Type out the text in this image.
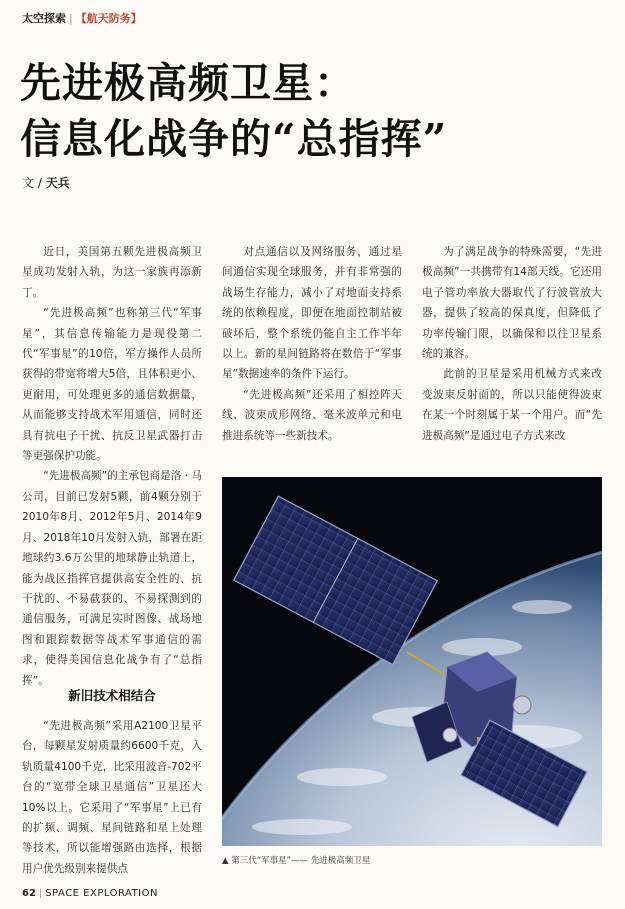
太空探索 | 【航天防务】
先进极高频卫星：
信息化战争的“总指挥”
文 / 天兵

近日，美国第五颗先进极高频卫星成功发射入轨，为这一家族再添新丁。

“先进极高频”也称第三代“军事星”，其信息传输能力是现役第二代“军事星”的10倍，军方操作人员所获得的带宽将增大5倍，且体积更小、更耐用，可处理更多的通信数据量，从而能够支持战术军用通信，同时还具有抗电子干扰、抗反卫星武器打击等更强保护功能。

“先进极高频”的主承包商是洛 · 马公司，目前已发射5颗，前4颗分别于2010年8月、2012年5月、2014年9月、2018年10月发射入轨，部署在距地球约3.6万公里的地球静止轨道上，能为战区指挥官提供高安全性的、抗干扰的、不易截获的、不易探测到的通信服务，可满足实时图像、战场地图和跟踪数据等战术军事通信的需求，使得美国信息化战争有了“总指挥”。

新旧技术相结合

“先进极高频”采用A2100卫星平台，每颗星发射质量约6600千克，入轨质量4100千克，比采用波音-702平台的“宽带全球卫星通信”卫星还大10%以上。它采用了“军事星”上已有的扩频、调频、星间链路和星上处理等技术，所以能增强路由选择，根据用户优先级别来提供点

对点通信以及网络服务，通过星间通信实现全球服务，并有非常强的战场生存能力，减小了对地面支持系统的依赖程度，即便在地面控制站被破坏后，整个系统仍能自主工作半年以上。新的星间链路将在数倍于“军事星”数据速率的条件下运行。

“先进极高频”还采用了相控阵天线、波束成形网络、毫米波单元和电推进系统等一些新技术。

为了满足战争的特殊需要，“先进极高频”一共携带有14部天线。它还用电子管功率放大器取代了行波管放大器，提供了较高的保真度，但降低了功率传输门限，以确保和以往卫星系统的兼容。

此前的卫星是采用机械方式来改变波束反射面的，所以只能使得波束在某一个时刻属于某一个用户。而“先进极高频”是通过电子方式来改

▲ 第三代“军事星”—— 先进极高频卫星
62 | SPACE EXPLORATION
